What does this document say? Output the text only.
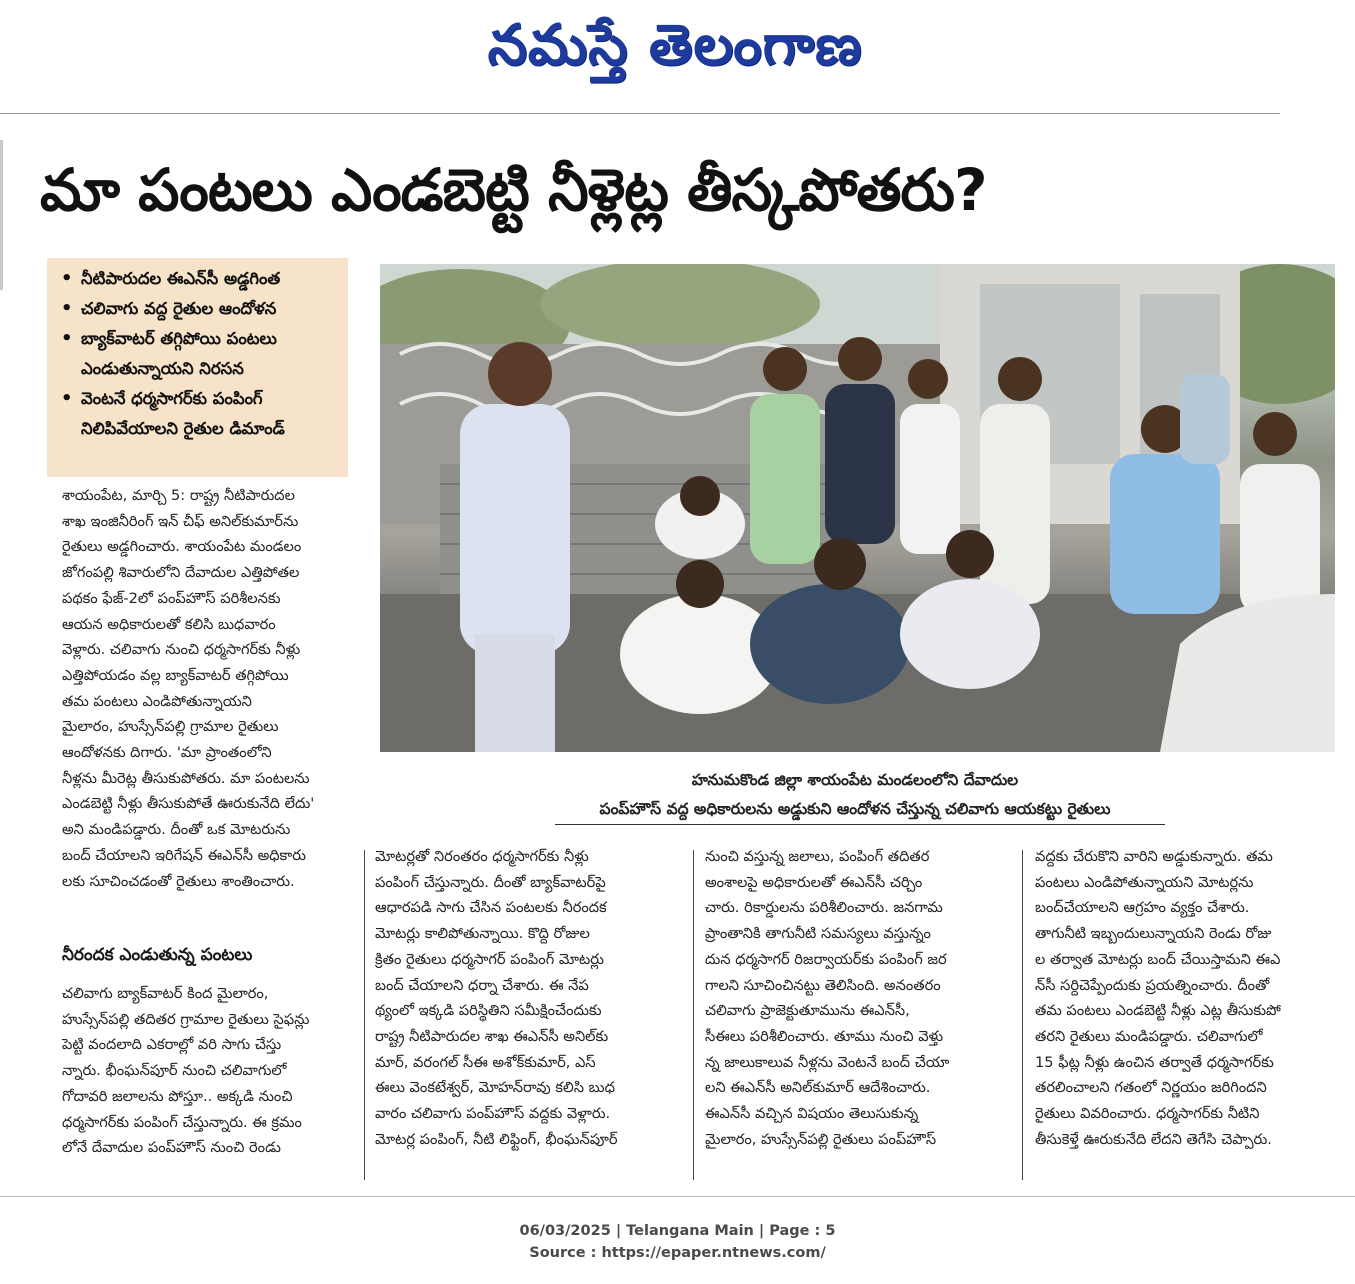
నమస్తే తెలంగాణ
మా పంటలు ఎండబెట్టి నీళ్లెట్ల తీస్కపోతరు?
• నీటిపారుదల ఈఎన్‌సీ అడ్డగింత
• చలివాగు వద్ద రైతుల ఆందోళన
• బ్యాక్‌వాటర్ తగ్గిపోయి పంటలు
ఎండుతున్నాయని నిరసన
• వెంటనే ధర్మసాగర్‌కు పంపింగ్
నిలిపివేయాలని రైతుల డిమాండ్
హనుమకొండ జిల్లా శాయంపేట మండలంలోని దేవాదుల
పంప్‌హౌస్ వద్ద అధికారులను అడ్డుకుని ఆందోళన చేస్తున్న చలివాగు ఆయకట్టు రైతులు
శాయంపేట, మార్చి 5: రాష్ట్ర నీటిపారుదల
శాఖ ఇంజినీరింగ్ ఇన్ చీఫ్ అనిల్‌కుమార్‌ను
రైతులు అడ్డగించారు. శాయంపేట మండలం
జోగంపల్లి శివారులోని దేవాదుల ఎత్తిపోతల
పథకం ఫేజ్-2లో పంప్‌హౌస్ పరిశీలనకు
ఆయన అధికారులతో కలిసి బుధవారం
వెళ్లారు. చలివాగు నుంచి ధర్మసాగర్‌కు నీళ్లు
ఎత్తిపోయడం వల్ల బ్యాక్‌వాటర్ తగ్గిపోయి
తమ పంటలు ఎండిపోతున్నాయని
మైలారం, హుస్సేన్‌పల్లి గ్రామాల రైతులు
ఆందోళనకు దిగారు. 'మా ప్రాంతంలోని
నీళ్లను మీరెట్ల తీసుకుపోతరు. మా పంటలను
ఎండబెట్టి నీళ్లు తీసుకుపోతే ఊరుకునేది లేదు'
అని మండిపడ్డారు. దీంతో ఒక మోటరును
బంద్ చేయాలని ఇరిగేషన్ ఈఎన్‌సీ అధికారు
లకు సూచించడంతో రైతులు శాంతించారు.
నీరందక ఎండుతున్న పంటలు
చలివాగు బ్యాక్‌వాటర్ కింద మైలారం,
హుస్సేన్‌పల్లి తదితర గ్రామాల రైతులు సైఫన్లు
పెట్టి వందలాది ఎకరాల్లో వరి సాగు చేస్తు
న్నారు. భీంఘన్‌పూర్ నుంచి చలివాగులో
గోదావరి జలాలను పోస్తూ.. అక్కడి నుంచి
ధర్మసాగర్‌కు పంపింగ్ చేస్తున్నారు. ఈ క్రమం
లోనే దేవాదుల పంప్‌హౌస్ నుంచి రెండు
మోటర్లతో నిరంతరం ధర్మసాగర్‌కు నీళ్లు
పంపింగ్ చేస్తున్నారు. దీంతో బ్యాక్‌వాటర్‌పై
ఆధారపడి సాగు చేసిన పంటలకు నీరందక
మోటర్లు కాలిపోతున్నాయి. కొద్ది రోజుల
క్రితం రైతులు ధర్మసాగర్ పంపింగ్ మోటర్లు
బంద్ చేయాలని ధర్నా చేశారు. ఈ నేప
థ్యంలో ఇక్కడి పరిస్థితిని సమీక్షించేందుకు
రాష్ట్ర నీటిపారుదల శాఖ ఈఎన్‌సీ అనిల్‌కు
మార్, వరంగల్ సీఈ అశోక్‌కుమార్, ఎస్
ఈలు వెంకటేశ్వర్, మోహన్‌రావు కలిసి బుధ
వారం చలివాగు పంప్‌హౌస్ వద్దకు వెళ్లారు.
మోటర్ల పంపింగ్, నీటి లిఫ్టింగ్, భీంఘన్‌పూర్
నుంచి వస్తున్న జలాలు, పంపింగ్ తదితర
అంశాలపై అధికారులతో ఈఎన్‌సీ చర్చిం
చారు. రికార్డులను పరిశీలించారు. జనగామ
ప్రాంతానికి తాగునీటి సమస్యలు వస్తున్నం
దున ధర్మసాగర్ రిజర్వాయర్‌కు పంపింగ్ జర
గాలని సూచించినట్టు తెలిసింది. అనంతరం
చలివాగు ప్రాజెక్టుతూమును ఈఎన్‌సీ,
సీఈలు పరిశీలించారు. తూము నుంచి వెళ్తు
న్న జాలుకాలువ నీళ్లను వెంటనే బంద్ చేయా
లని ఈఎన్‌సీ అనిల్‌కుమార్ ఆదేశించారు.
ఈఎన్‌సీ వచ్చిన విషయం తెలుసుకున్న
మైలారం, హుస్సేన్‌పల్లి రైతులు పంప్‌హౌస్
వద్దకు చేరుకొని వారిని అడ్డుకున్నారు. తమ
పంటలు ఎండిపోతున్నాయని మోటర్లను
బంద్‌చేయాలని ఆగ్రహం వ్యక్తం చేశారు.
తాగునీటి ఇబ్బందులున్నాయని రెండు రోజు
ల తర్వాత మోటర్లు బంద్ చేయిస్తామని ఈఎ
న్‌సీ సర్దిచెప్పేందుకు ప్రయత్నించారు. దీంతో
తమ పంటలు ఎండబెట్టి నీళ్లు ఎట్ల తీసుకుపో
తరని రైతులు మండిపడ్డారు. చలివాగులో
15 ఫీట్ల నీళ్లు ఉంచిన తర్వాతే ధర్మసాగర్‌కు
తరలించాలని గతంలో నిర్ణయం జరిగిందని
రైతులు వివరించారు. ధర్మసాగర్‌కు నీటిని
తీసుకెళ్తే ఊరుకునేది లేదని తెగేసి చెప్పారు.
06/03/2025 | Telangana Main | Page : 5
Source : https://epaper.ntnews.com/
